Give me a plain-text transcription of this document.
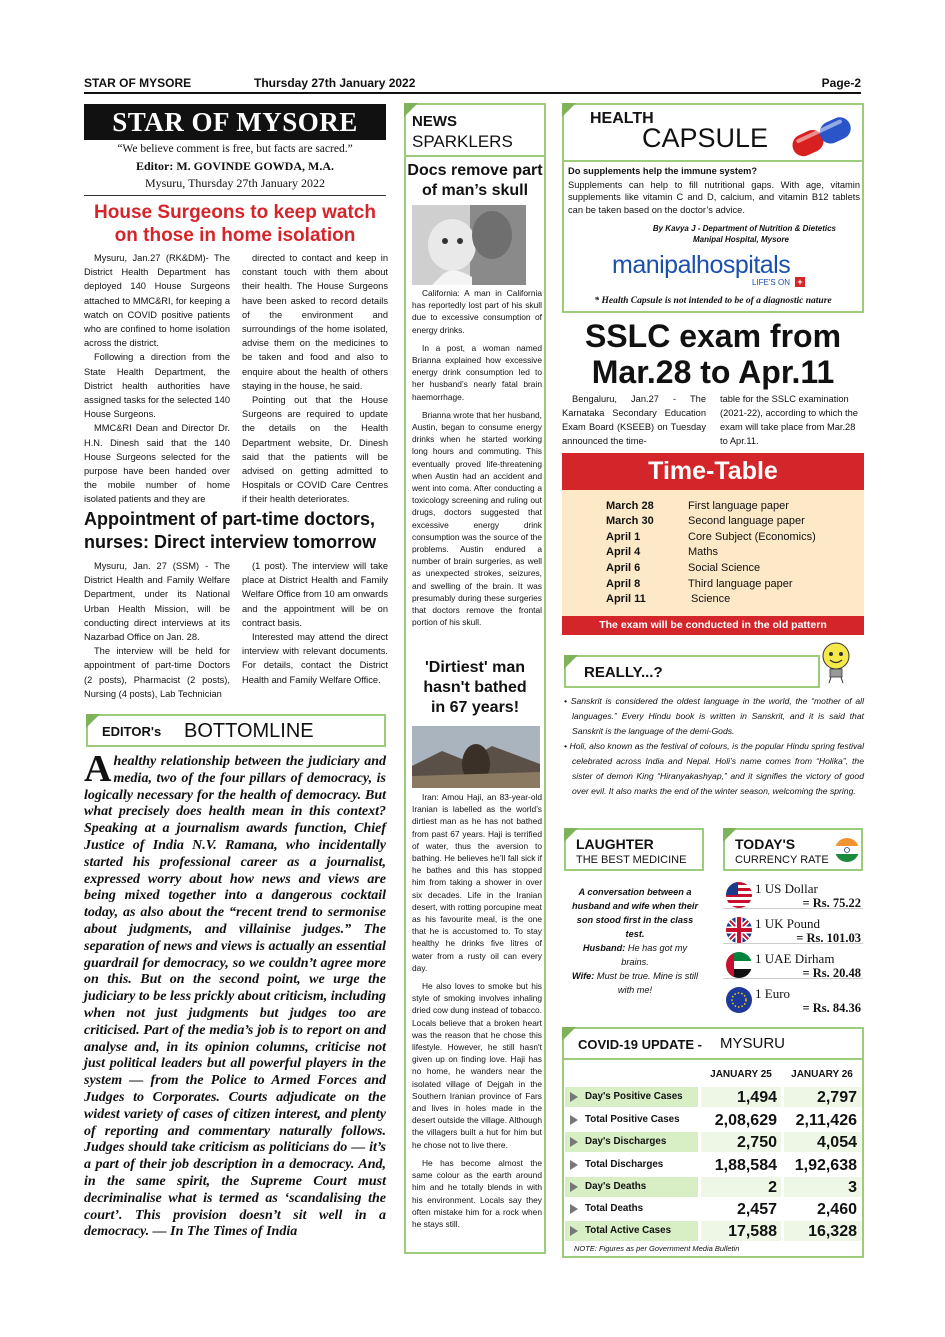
STAR OF MYSORE	Thursday 27th January 2022	Page-2
STAR OF MYSORE
“We believe comment is free, but facts are sacred.”
Editor: M. GOVINDE GOWDA, M.A.
Mysuru, Thursday 27th January 2022
House Surgeons to keep watch
on those in home isolation

Mysuru, Jan.27 (RK&DM)- The District Health Department has deployed 140 House Surgeons attached to MMC&RI, for keeping a watch on COVID positive patients who are confined to home isolation across the district.

Following a direction from the State Health Department, the District health authorities have assigned tasks for the selected 140 House Surgeons.

MMC&RI Dean and Director Dr. H.N. Dinesh said that the 140 House Surgeons selected for the purpose have been handed over the mobile number of home isolated patients and they are

directed to contact and keep in constant touch with them about their health. The House Surgeons have been asked to record details of the environment and surroundings of the home isolated, advise them on the medicines to be taken and food and also to enquire about the health of others staying in the house, he said.

Pointing out that the House Surgeons are required to update the details on the Health Department website, Dr. Dinesh said that the patients will be advised on getting admitted to Hospitals or COVID Care Centres if their health deteriorates.

Appointment of part-time doctors,
nurses: Direct interview tomorrow

Mysuru, Jan. 27 (SSM) - The District Health and Family Welfare Department, under its National Urban Health Mission, will be conducting direct interviews at its Nazarbad Office on Jan. 28.

The interview will be held for appointment of part-time Doctors (2 posts), Pharmacist (2 posts), Nursing (4 posts), Lab Technician

(1 post). The interview will take place at District Health and Family Welfare Office from 10 am onwards and the appointment will be on contract basis.

Interested may attend the direct interview with relevant documents. For details, contact the District Health and Family Welfare Office.

EDITOR's BOTTOMLINE
Ahealthy relationship between the judiciary and media, two of the four pillars of democracy, is logically necessary for the health of democracy. But what precisely does health mean in this context? Speaking at a journalism awards function, Chief Justice of India N.V. Ramana, who incidentally started his professional career as a journalist, expressed worry about how news and views are being mixed together into a dangerous cocktail today, as also about the “recent trend to sermonise about judgments, and villainise judges.” The separation of news and views is actually an essential guardrail for democracy, so we couldn’t agree more on this. But on the second point, we urge the judiciary to be less prickly about criticism, including when not just judgments but judges too are criticised. Part of the media’s job is to report on and analyse and, in its opinion columns, criticise not just political leaders but all powerful players in the system — from the Police to Armed Forces and Judges to Corporates. Courts adjudicate on the widest variety of cases of citizen interest, and plenty of reporting and commentary naturally follows. Judges should take criticism as politicians do — it’s a part of their job description in a democracy. And, in the same spirit, the Supreme Court must decriminalise what is termed as ‘scandalising the court’. This provision doesn’t sit well in a democracy. — In The Times of India
NEWS
SPARKLERS
Docs remove part
of man’s skull

California: A man in California has reportedly lost part of his skull due to excessive consumption of energy drinks.

In a post, a woman named Brianna explained how excessive energy drink consumption led to her husband’s nearly fatal brain haemorrhage.

Brianna wrote that her husband, Austin, began to consume energy drinks when he started working long hours and commuting. This eventually proved life-threatening when Austin had an accident and went into coma. After conducting a toxicology screening and ruling out drugs, doctors suggested that excessive energy drink consumption was the source of the problems. Austin endured a number of brain surgeries, as well as unexpected strokes, seizures, and swelling of the brain. It was presumably during these surgeries that doctors remove the frontal portion of his skull.

'Dirtiest' man
hasn't bathed
in 67 years!

Iran: Amou Haji, an 83-year-old Iranian is labelled as the world’s dirtiest man as he has not bathed from past 67 years. Haji is terrified of water, thus the aversion to bathing. He believes he’ll fall sick if he bathes and this has stopped him from taking a shower in over six decades. Life in the Iranian desert, with rotting porcupine meat as his favourite meal, is the one that he is accustomed to. To stay healthy he drinks five litres of water from a rusty oil can every day.

He also loves to smoke but his style of smoking involves inhaling dried cow dung instead of tobacco. Locals believe that a broken heart was the reason that he chose this lifestyle. However, he still hasn't given up on finding love. Haji has no home, he wanders near the isolated village of Dejgah in the Southern Iranian province of Fars and lives in holes made in the desert outside the village. Although the villagers built a hut for him but he chose not to live there.

He has become almost the same colour as the earth around him and he totally blends in with his environment. Locals say they often mistake him for a rock when he stays still.

HEALTH
CAPSULE
Do supplements help the immune system?
Supplements can help to fill nutritional gaps. With age, vitamin supplements like vitamin C and D, calcium, and vitamin B12 tablets can be taken based on the doctor’s advice.
By Kavya J - Department of Nutrition & Dietetics
Manipal Hospital, Mysore
manipalhospitals
LIFE'S ON +
* Health Capsule is not intended to be of a diagnostic nature
SSLC exam from
Mar.28 to Apr.11
Bengaluru, Jan.27 - The Karnataka Secondary Education Exam Board (KSEEB) on Tuesday announced the time-
table for the SSLC examination (2021-22), according to which the exam will take place from Mar.28 to Apr.11.
Time-Table
March 28	First language paper
March 30	Second language paper
April 1	Core Subject (Economics)
April 4	Maths
April 6	Social Science
April 8	Third language paper
April 11	Science
The exam will be conducted in the old pattern
REALLY...?
• Sanskrit is considered the oldest language in the world, the “mother of all languages.” Every Hindu book is written in Sanskrit, and it is said that Sanskrit is the language of the demi-Gods.
• Holi, also known as the festival of colours, is the popular Hindu spring festival celebrated across India and Nepal. Holi’s name comes from “Holika”, the sister of demon King “Hiranyakashyap,” and it signifies the victory of good over evil. It also marks the end of the winter season, welcoming the spring.
LAUGHTER
THE BEST MEDICINE
A conversation between a husband and wife when their son stood first in the class test.
Husband: He has got my brains.
Wife: Must be true. Mine is still with me!
TODAY'S
CURRENCY RATE
1 US Dollar
= Rs. 75.22
1 UK Pound
= Rs. 101.03
1 UAE Dirham
= Rs. 20.48
1 Euro
= Rs. 84.36
COVID-19 UPDATE - MYSURU
JANUARY 25	JANUARY 26
Day's Positive Cases	1,494	2,797
Total Positive Cases	2,08,629	2,11,426
Day's Discharges	2,750	4,054
Total Discharges	1,88,584	1,92,638
Day's Deaths	2	3
Total Deaths	2,457	2,460
Total Active Cases	17,588	16,328
NOTE: Figures as per Government Media Bulletin
